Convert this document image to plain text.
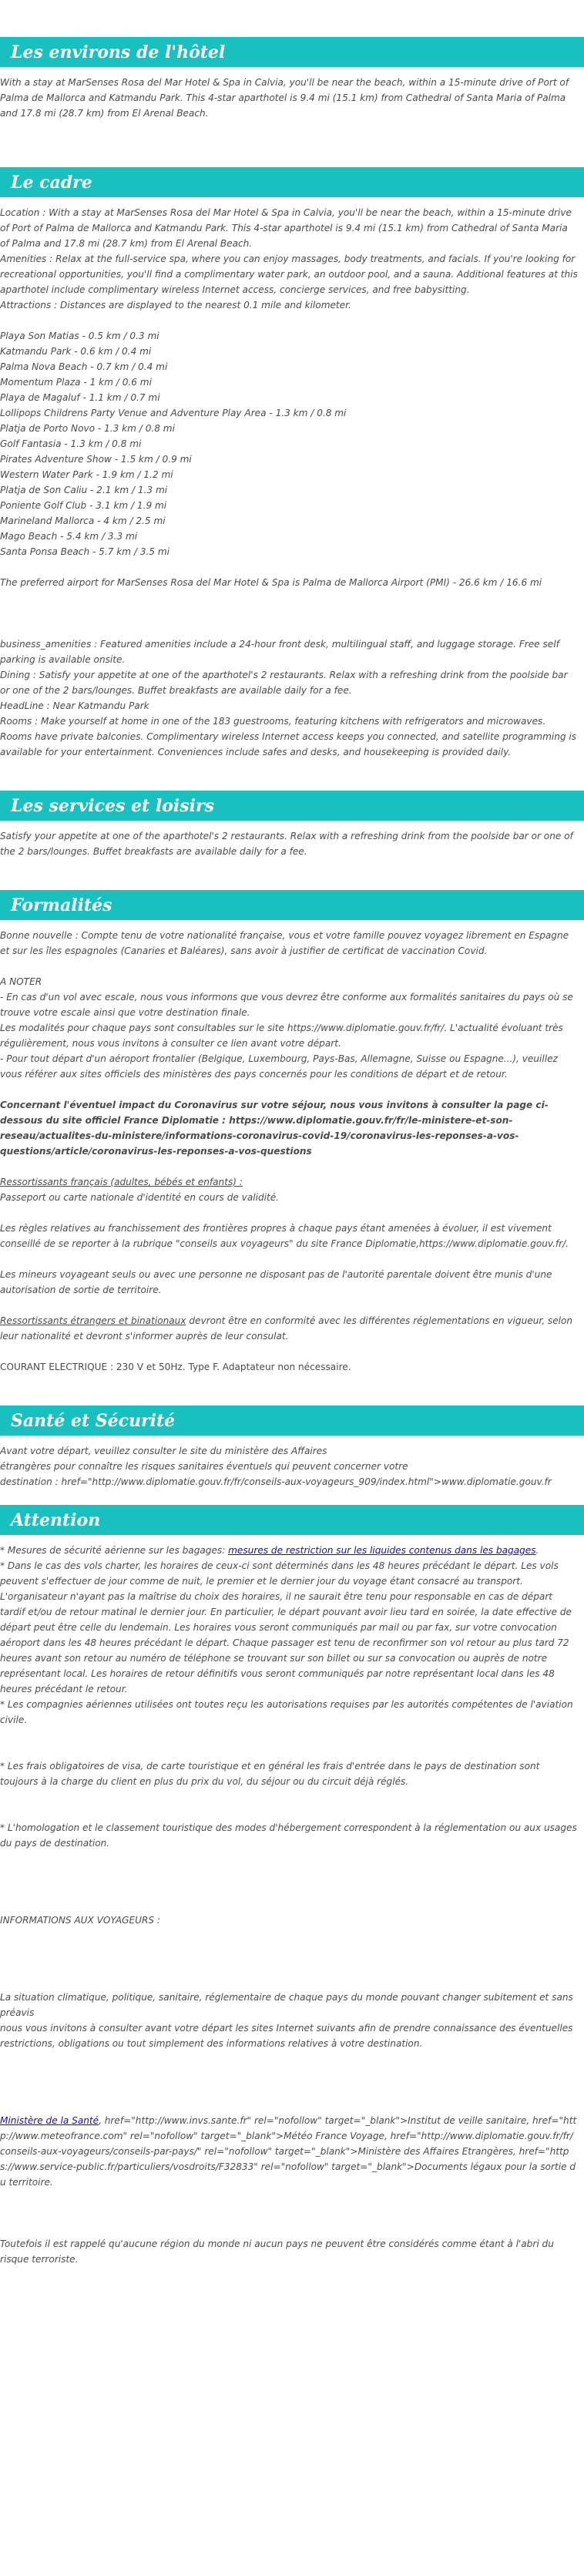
Les environs de l'hôtel

With a stay at MarSenses Rosa del Mar Hotel & Spa in Calvia, you'll be near the beach, within a 15-minute drive of Port of Palma de Mallorca and Katmandu Park. This 4-star aparthotel is 9.4 mi (15.1 km) from Cathedral of Santa Maria of Palma and 17.8 mi (28.7 km) from El Arenal Beach.

Le cadre

Location : With a stay at MarSenses Rosa del Mar Hotel & Spa in Calvia, you'll be near the beach, within a 15-minute drive of Port of Palma de Mallorca and Katmandu Park. This 4-star aparthotel is 9.4 mi (15.1 km) from Cathedral of Santa Maria of Palma and 17.8 mi (28.7 km) from El Arenal Beach.

Amenities : Relax at the full-service spa, where you can enjoy massages, body treatments, and facials. If you're looking for recreational opportunities, you'll find a complimentary water park, an outdoor pool, and a sauna. Additional features at this aparthotel include complimentary wireless Internet access, concierge services, and free babysitting.

Attractions : Distances are displayed to the nearest 0.1 mile and kilometer.

Playa Son Matias - 0.5 km / 0.3 mi

Katmandu Park - 0.6 km / 0.4 mi

Palma Nova Beach - 0.7 km / 0.4 mi

Momentum Plaza - 1 km / 0.6 mi

Playa de Magaluf - 1.1 km / 0.7 mi

Lollipops Childrens Party Venue and Adventure Play Area - 1.3 km / 0.8 mi

Platja de Porto Novo - 1.3 km / 0.8 mi

Golf Fantasia - 1.3 km / 0.8 mi

Pirates Adventure Show - 1.5 km / 0.9 mi

Western Water Park - 1.9 km / 1.2 mi

Platja de Son Caliu - 2.1 km / 1.3 mi

Poniente Golf Club - 3.1 km / 1.9 mi

Marineland Mallorca - 4 km / 2.5 mi

Mago Beach - 5.4 km / 3.3 mi

Santa Ponsa Beach - 5.7 km / 3.5 mi

The preferred airport for MarSenses Rosa del Mar Hotel & Spa is Palma de Mallorca Airport (PMI) - 26.6 km / 16.6 mi

business_amenities : Featured amenities include a 24-hour front desk, multilingual staff, and luggage storage. Free self parking is available onsite.

Dining : Satisfy your appetite at one of the aparthotel's 2 restaurants. Relax with a refreshing drink from the poolside bar or one of the 2 bars/lounges. Buffet breakfasts are available daily for a fee.

HeadLine : Near Katmandu Park

Rooms : Make yourself at home in one of the 183 guestrooms, featuring kitchens with refrigerators and microwaves. Rooms have private balconies. Complimentary wireless Internet access keeps you connected, and satellite programming is available for your entertainment. Conveniences include safes and desks, and housekeeping is provided daily.

Les services et loisirs

Satisfy your appetite at one of the aparthotel's 2 restaurants. Relax with a refreshing drink from the poolside bar or one of the 2 bars/lounges. Buffet breakfasts are available daily for a fee.

Formalités

Bonne nouvelle : Compte tenu de votre nationalité française, vous et votre famille pouvez voyagez librement en Espagne et sur les îles espagnoles (Canaries et Baléares), sans avoir à justifier de certificat de vaccination Covid.

A NOTER

- En cas d'un vol avec escale, nous vous informons que vous devrez être conforme aux formalités sanitaires du pays où se trouve votre escale ainsi que votre destination finale.

Les modalités pour chaque pays sont consultables sur le site https://www.diplomatie.gouv.fr/fr/. L'actualité évoluant très régulièrement, nous vous invitons à consulter ce lien avant votre départ.

- Pour tout départ d'un aéroport frontalier (Belgique, Luxembourg, Pays-Bas, Allemagne, Suisse ou Espagne...), veuillez vous référer aux sites officiels des ministères des pays concernés pour les conditions de départ et de retour.

Concernant l'éventuel impact du Coronavirus sur votre séjour, nous vous invitons à consulter la page ci-dessous du site officiel France Diplomatie : https://www.diplomatie.gouv.fr/fr/le-ministere-et-son-reseau/actualites-du-ministere/informations-coronavirus-covid-19/coronavirus-les-reponses-a-vos-questions/article/coronavirus-les-reponses-a-vos-questions

Ressortissants français (adultes, bébés et enfants) :

Passeport ou carte nationale d'identité en cours de validité.

Les règles relatives au franchissement des frontières propres à chaque pays étant amenées à évoluer, il est vivement conseillé de se reporter à la rubrique "conseils aux voyageurs" du site France Diplomatie,https://www.diplomatie.gouv.fr/.

Les mineurs voyageant seuls ou avec une personne ne disposant pas de l'autorité parentale doivent être munis d'une autorisation de sortie de territoire.

Ressortissants étrangers et binationaux devront être en conformité avec les différentes réglementations en vigueur, selon leur nationalité et devront s'informer auprès de leur consulat.

COURANT ELECTRIQUE : 230 V et 50Hz. Type F. Adaptateur non nécessaire.

Santé et Sécurité

Avant votre départ, veuillez consulter le site du ministère des Affaires

étrangères pour connaître les risques sanitaires éventuels qui peuvent concerner votre

destination : href="http://www.diplomatie.gouv.fr/fr/conseils-aux-voyageurs_909/index.html">www.diplomatie.gouv.fr

Attention

* Mesures de sécurité aérienne sur les bagages: mesures de restriction sur les liquides contenus dans les bagages.

* Dans le cas des vols charter, les horaires de ceux-ci sont déterminés dans les 48 heures précédant le départ. Les vols peuvent s'effectuer de jour comme de nuit, le premier et le dernier jour du voyage étant consacré au transport. L'organisateur n'ayant pas la maîtrise du choix des horaires, il ne saurait être tenu pour responsable en cas de départ tardif et/ou de retour matinal le dernier jour. En particulier, le départ pouvant avoir lieu tard en soirée, la date effective de départ peut être celle du lendemain. Les horaires vous seront communiqués par mail ou par fax, sur votre convocation aéroport dans les 48 heures précédant le départ. Chaque passager est tenu de reconfirmer son vol retour au plus tard 72 heures avant son retour au numéro de téléphone se trouvant sur son billet ou sur sa convocation ou auprès de notre représentant local. Les horaires de retour définitifs vous seront communiqués par notre représentant local dans les 48 heures précédant le retour.

* Les compagnies aériennes utilisées ont toutes reçu les autorisations requises par les autorités compétentes de l'aviation civile.

* Les frais obligatoires de visa, de carte touristique et en général les frais d'entrée dans le pays de destination sont toujours à la charge du client en plus du prix du vol, du séjour ou du circuit déjà réglés.

* L'homologation et le classement touristique des modes d'hébergement correspondent à la réglementation ou aux usages du pays de destination.

INFORMATIONS AUX VOYAGEURS :

La situation climatique, politique, sanitaire, réglementaire de chaque pays du monde pouvant changer subitement et sans préavis

nous vous invitons à consulter avant votre départ les sites Internet suivants afin de prendre connaissance des éventuelles restrictions, obligations ou tout simplement des informations relatives à votre destination.

Ministère de la Santé, href="http://www.invs.sante.fr" rel="nofollow" target="_blank">Institut de veille sanitaire, href="http://www.meteofrance.com" rel="nofollow" target="_blank">Météo France Voyage, href="http://www.diplomatie.gouv.fr/fr/conseils-aux-voyageurs/conseils-par-pays/" rel="nofollow" target="_blank">Ministère des Affaires Etrangères, href="https://www.service-public.fr/particuliers/vosdroits/F32833" rel="nofollow" target="_blank">Documents légaux pour la sortie du territoire.

Toutefois il est rappelé qu'aucune région du monde ni aucun pays ne peuvent être considérés comme étant à l'abri du risque terroriste.
